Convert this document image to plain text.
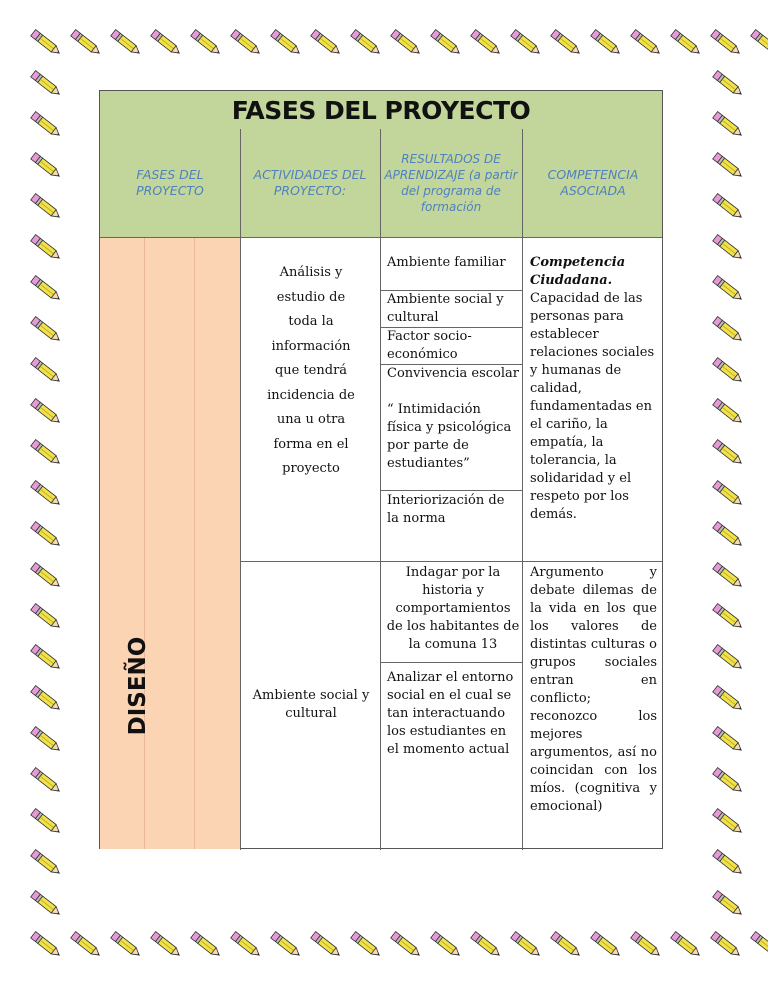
FASES DEL PROYECTO
FASES DEL PROYECTO
ACTIVIDADES DEL PROYECTO:
RESULTADOS DE APRENDIZAJE (a partir del programa de formación
COMPETENCIA ASOCIADA
DISEÑO
Análisis y
estudio de
toda la
información
que tendrá
incidencia de
una u otra
forma en el
proyecto
Ambiente familiar
Ambiente social y cultural
Factor socio-económico
Convivencia escolar
“ Intimidación física y psicológica por parte de estudiantes”
Interiorización de la norma
Competencia Ciudadana.
Capacidad de las personas para establecer relaciones sociales y humanas de calidad, fundamentadas en el cariño, la empatía, la tolerancia, la solidaridad y el respeto por los demás.
Ambiente social y cultural
Indagar por la historia y comportamientos de los habitantes de la comuna 13
Analizar el entorno social en el cual se tan interactuando los estudiantes en el momento actual
Argumento y debate dilemas de la vida en los que los valores de distintas culturas o grupos sociales entran en conflicto; reconozco los mejores argumentos, así no coincidan con los míos. (cognitiva y emocional)
